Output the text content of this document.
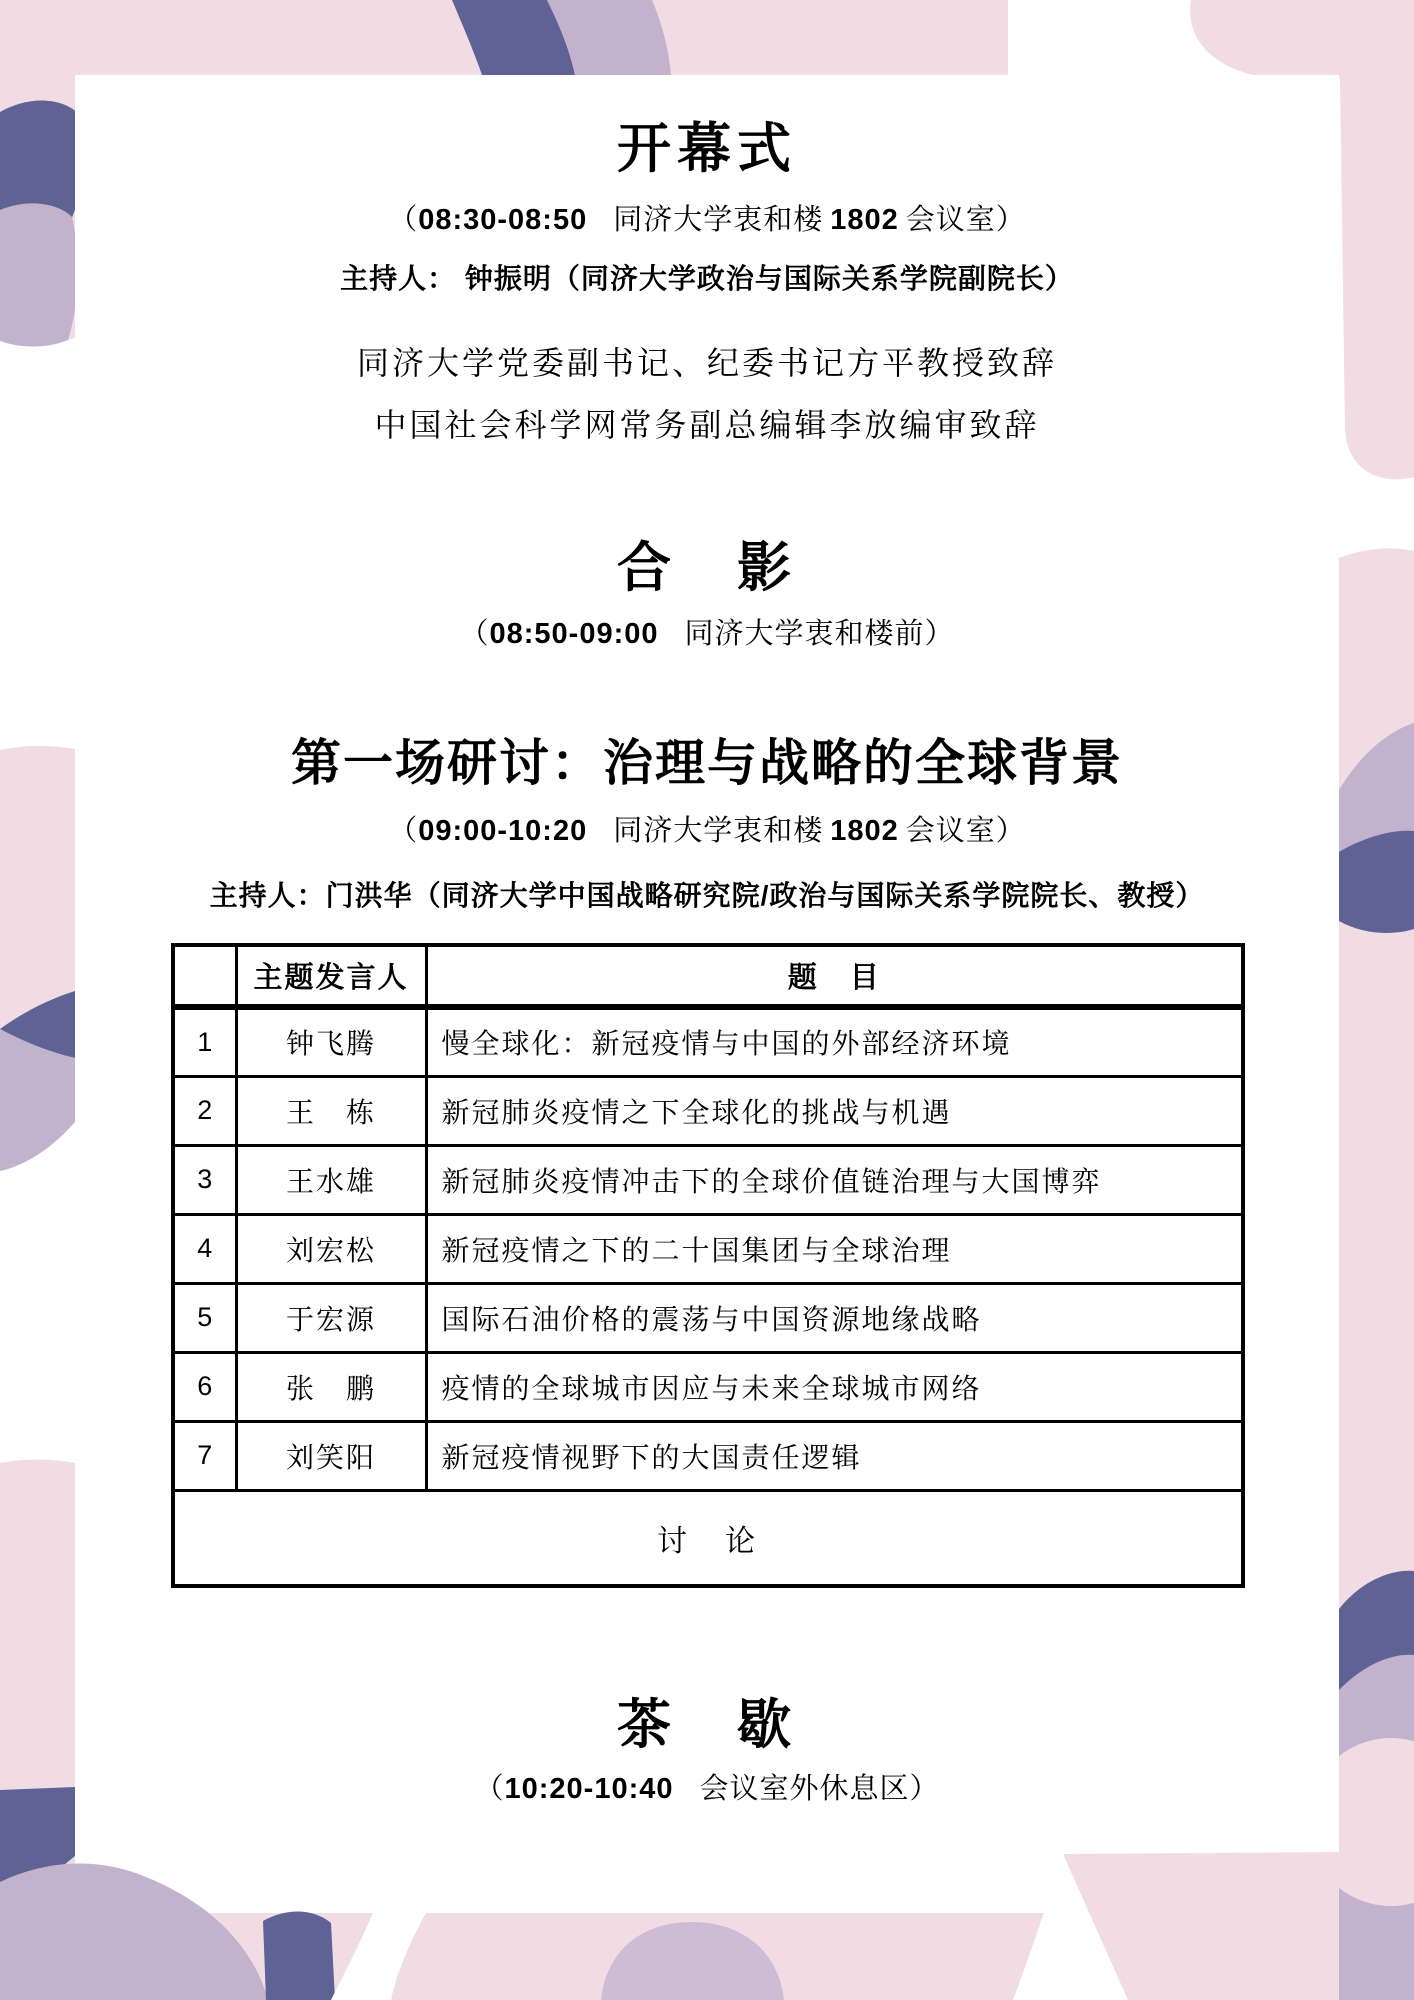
开幕式
（08:30-08:50 同济大学衷和楼 1802 会议室）
主持人： 钟振明（同济大学政治与国际关系学院副院长）
同济大学党委副书记、纪委书记方平教授致辞
中国社会科学网常务副总编辑李放编审致辞
合　影
（08:50-09:00 同济大学衷和楼前）
第一场研讨：治理与战略的全球背景
（09:00-10:20 同济大学衷和楼 1802 会议室）
主持人：门洪华（同济大学中国战略研究院/政治与国际关系学院院长、教授）
	主题发言人	题　目
1	钟飞腾	慢全球化：新冠疫情与中国的外部经济环境
2	王　栋	新冠肺炎疫情之下全球化的挑战与机遇
3	王水雄	新冠肺炎疫情冲击下的全球价值链治理与大国博弈
4	刘宏松	新冠疫情之下的二十国集团与全球治理
5	于宏源	国际石油价格的震荡与中国资源地缘战略
6	张　鹏	疫情的全球城市因应与未来全球城市网络
7	刘笑阳	新冠疫情视野下的大国责任逻辑
讨　论		
茶　歇
（10:20-10:40 会议室外休息区）
